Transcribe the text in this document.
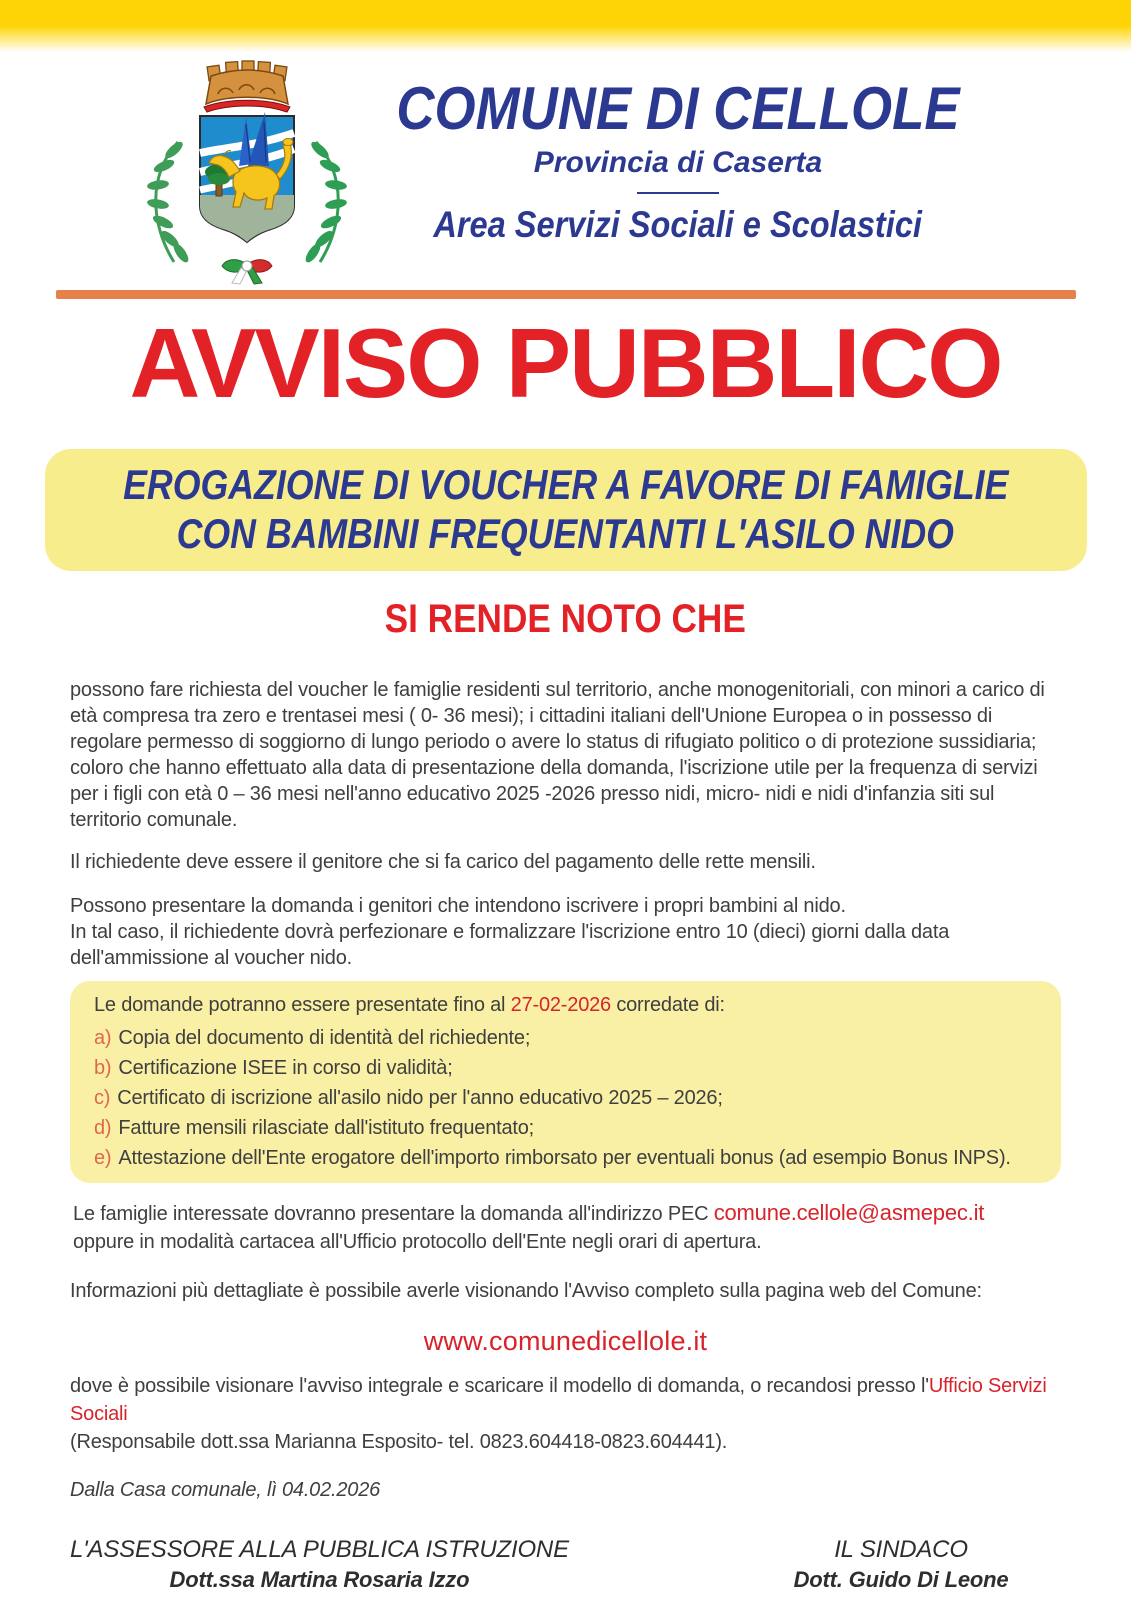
COMUNE DI CELLOLE
Provincia di Caserta
Area Servizi Sociali e Scolastici
AVVISO PUBBLICO
EROGAZIONE DI VOUCHER A FAVORE DI FAMIGLIE
CON BAMBINI FREQUENTANTI L'ASILO NIDO
SI RENDE NOTO CHE

possono fare richiesta del voucher le famiglie residenti sul territorio, anche monogenitoriali, con minori a carico di età compresa tra zero e trentasei mesi ( 0- 36 mesi); i cittadini italiani dell'Unione Europea o in possesso di regolare permesso di soggiorno di lungo periodo o avere lo status di rifugiato politico o di protezione sussidiaria; coloro che hanno effettuato alla data di presentazione della domanda, l'iscrizione utile per la frequenza di servizi per i figli con età 0 – 36 mesi nell'anno educativo 2025 -2026 presso nidi, micro- nidi e nidi d'infanzia siti sul territorio comunale.

Il richiedente deve essere il genitore che si fa carico del pagamento delle rette mensili.

Possono presentare la domanda i genitori che intendono iscrivere i propri bambini al nido.
In tal caso, il richiedente dovrà perfezionare e formalizzare l'iscrizione entro 10 (dieci) giorni dalla data dell'ammissione al voucher nido.

Le domande potranno essere presentate fino al 27-02-2026 corredate di:

a) Copia del documento di identità del richiedente;
b) Certificazione ISEE in corso di validità;
c) Certificato di iscrizione all'asilo nido per l'anno educativo 2025 – 2026;
d) Fatture mensili rilasciate dall'istituto frequentato;
e) Attestazione dell'Ente erogatore dell'importo rimborsato per eventuali bonus (ad esempio Bonus INPS).

Le famiglie interessate dovranno presentare la domanda all'indirizzo PEC comune.cellole@asmepec.it
oppure in modalità cartacea all'Ufficio protocollo dell'Ente negli orari di apertura.

Informazioni più dettagliate è possibile averle visionando l'Avviso completo sulla pagina web del Comune:

www.comunedicellole.it

dove è possibile visionare l'avviso integrale e scaricare il modello di domanda, o recandosi presso l'Ufficio Servizi Sociali
(Responsabile dott.ssa Marianna Esposito- tel. 0823.604418-0823.604441).

Dalla Casa comunale, lì 04.02.2026

L'ASSESSORE ALLA PUBBLICA ISTRUZIONE
Dott.ssa Martina Rosaria Izzo
IL SINDACO
Dott. Guido Di Leone
